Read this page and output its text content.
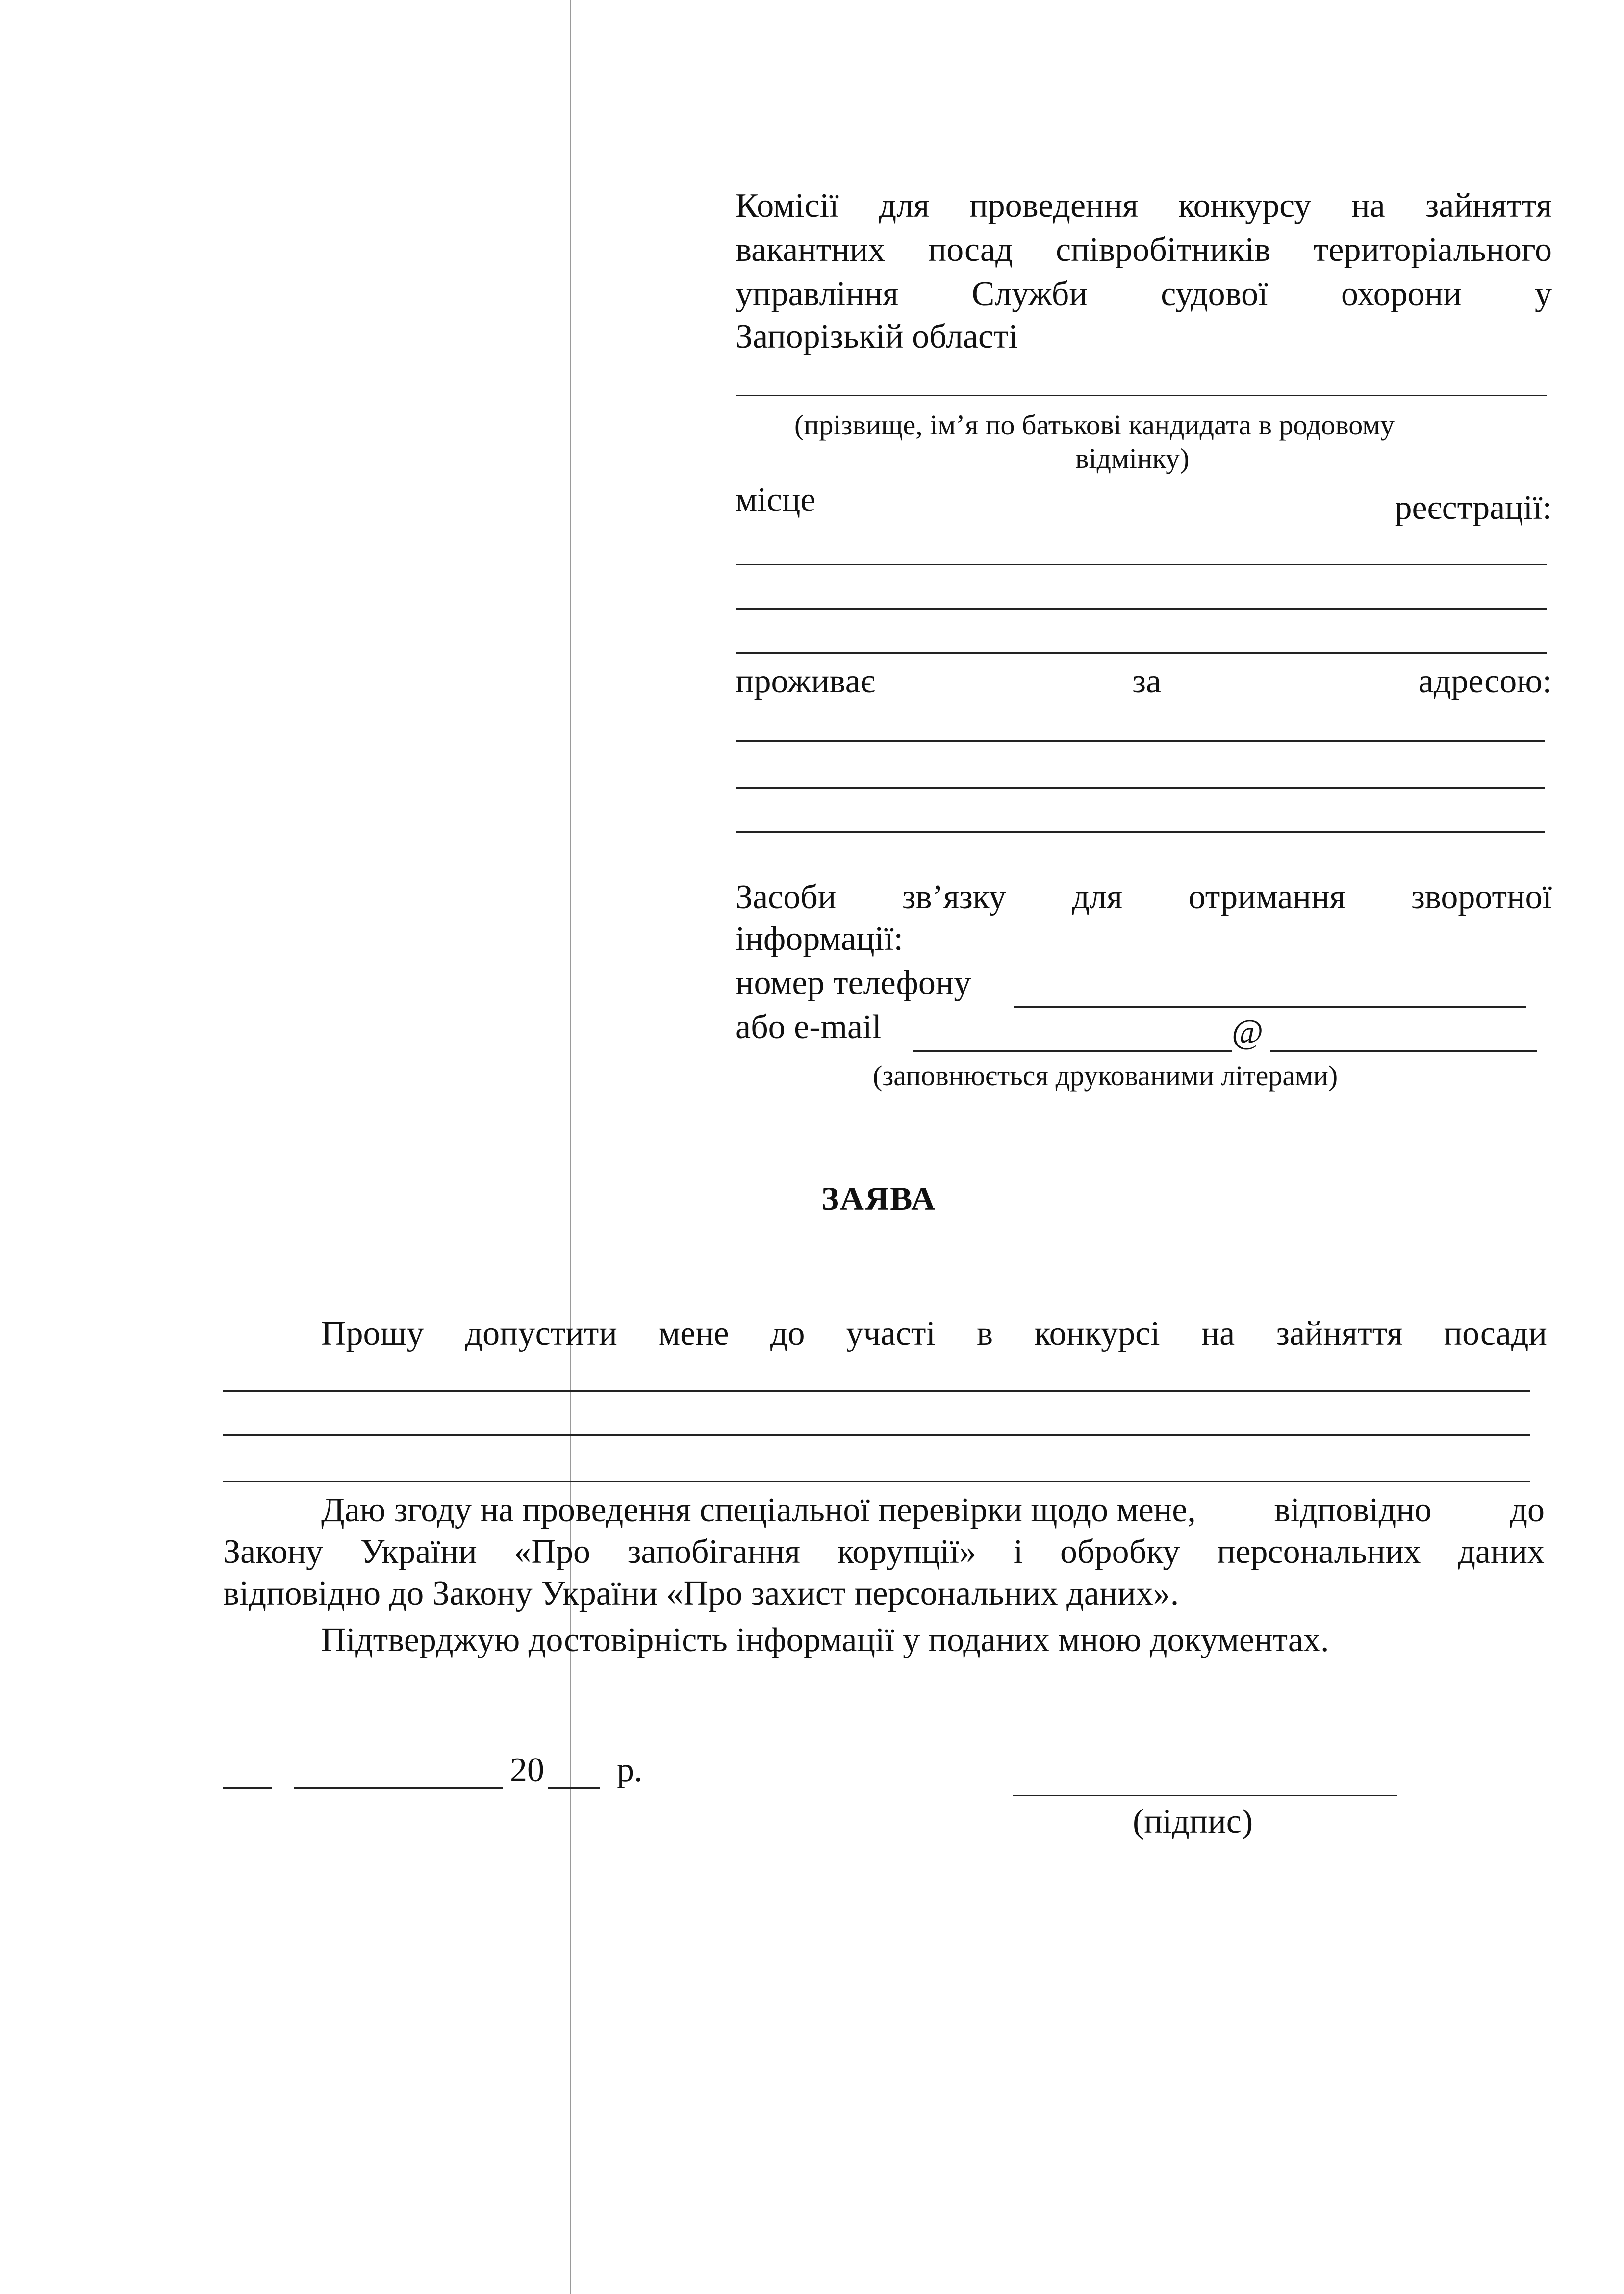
Комісії для проведення конкурсу на зайняття
вакантних посад співробітників територіального
управління Служби судової охорони у
Запорізькій області
(прізвище, ім’я по батькові кандидата в родовому
відмінку)
місце	реєстрації:
проживає	за	адресою:
Засоби зв’язку для отримання зворотної
інформації:
номер телефону
або e-mail	@
(заповнюється друкованими літерами)
ЗАЯВА
Прошу допустити мене до участі в конкурсі на зайняття посади
Даю згоду на проведення спеціальної перевірки щодо мене, відповідно до
Закону України «Про запобігання корупції» і обробку персональних даних
відповідно до Закону України «Про захист персональних даних».
Підтверджую достовірність інформації у поданих мною документах.
20 р.
(підпис)
